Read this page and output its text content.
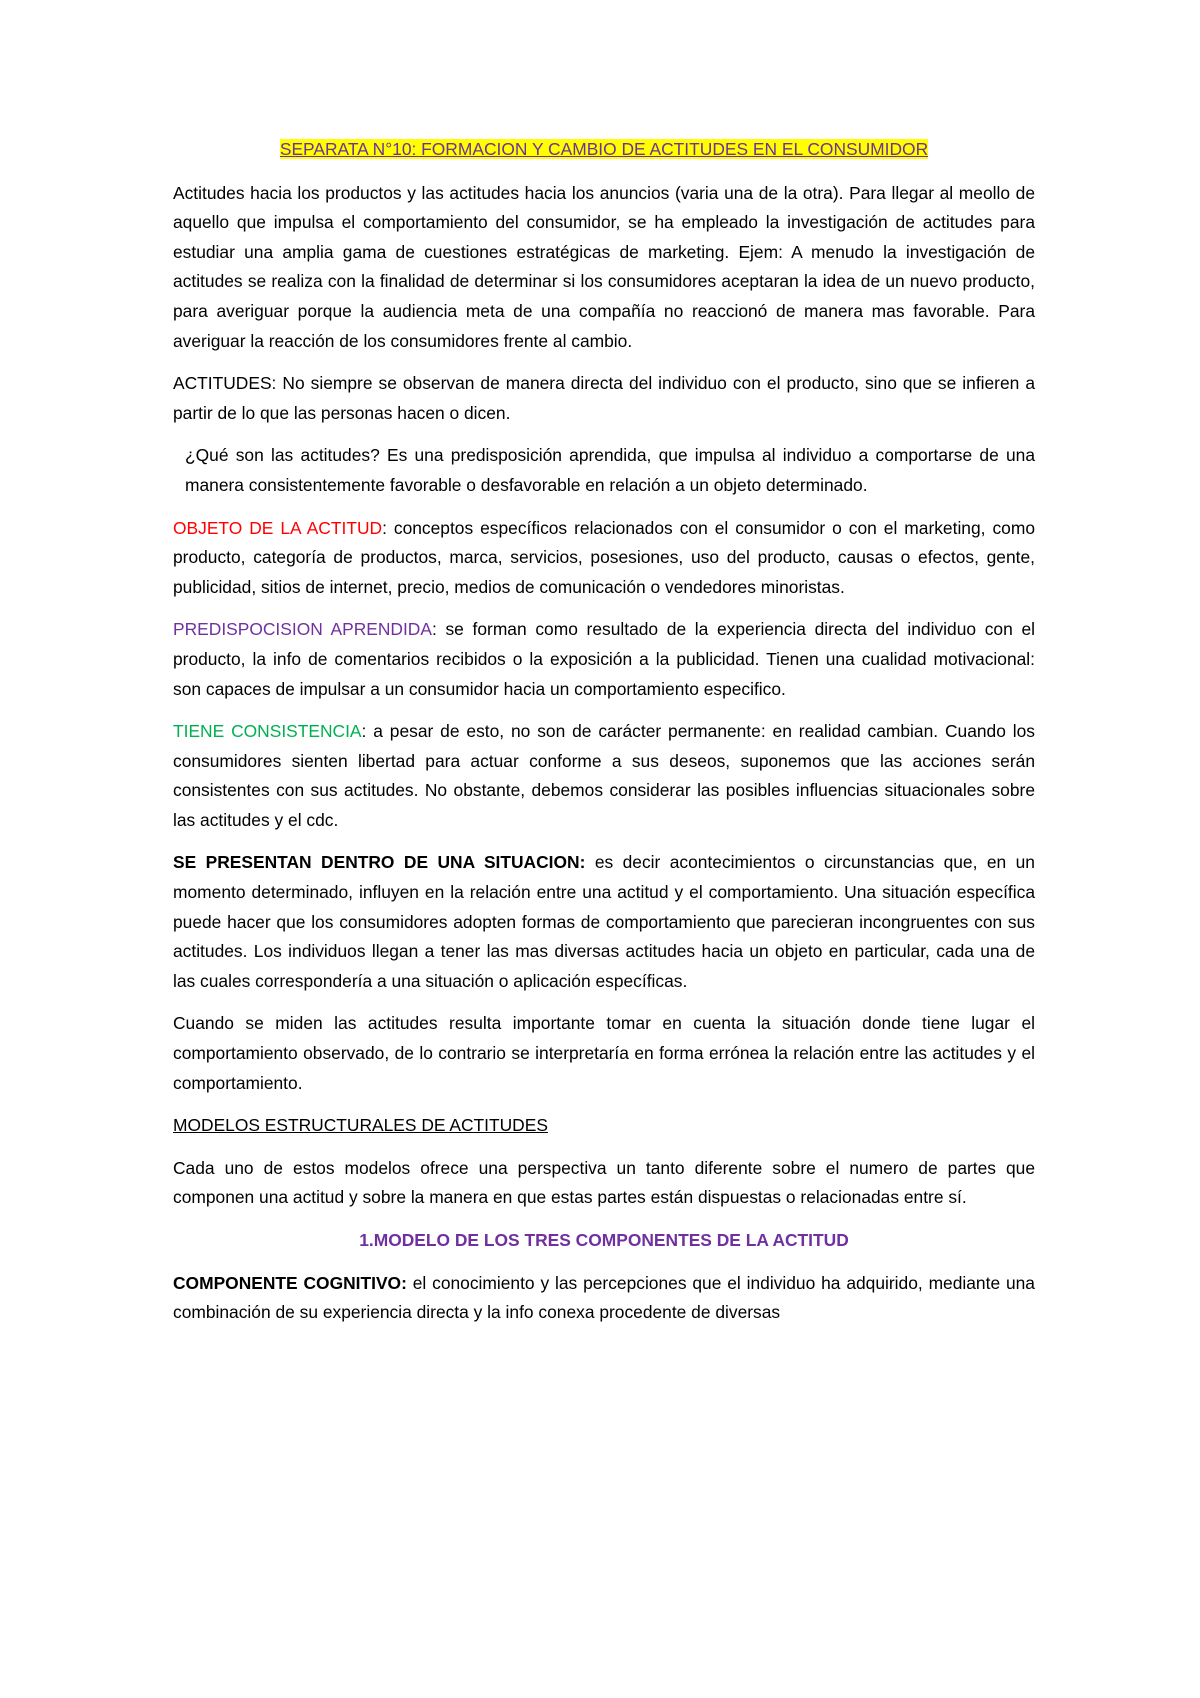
SEPARATA N°10: FORMACION Y CAMBIO DE ACTITUDES EN EL CONSUMIDOR

Actitudes hacia los productos y las actitudes hacia los anuncios (varia una de la otra). Para llegar al meollo de aquello que impulsa el comportamiento del consumidor, se ha empleado la investigación de actitudes para estudiar una amplia gama de cuestiones estratégicas de marketing. Ejem: A menudo la investigación de actitudes se realiza con la finalidad de determinar si los consumidores aceptaran la idea de un nuevo producto, para averiguar porque la audiencia meta de una compañía no reaccionó de manera mas favorable. Para averiguar la reacción de los consumidores frente al cambio.

ACTITUDES: No siempre se observan de manera directa del individuo con el producto, sino que se infieren a partir de lo que las personas hacen o dicen.

¿Qué son las actitudes? Es una predisposición aprendida, que impulsa al individuo a comportarse de una manera consistentemente favorable o desfavorable en relación a un objeto determinado.

OBJETO DE LA ACTITUD: conceptos específicos relacionados con el consumidor o con el marketing, como producto, categoría de productos, marca, servicios, posesiones, uso del producto, causas o efectos, gente, publicidad, sitios de internet, precio, medios de comunicación o vendedores minoristas.

PREDISPOCISION APRENDIDA: se forman como resultado de la experiencia directa del individuo con el producto, la info de comentarios recibidos o la exposición a la publicidad. Tienen una cualidad motivacional: son capaces de impulsar a un consumidor hacia un comportamiento especifico.

TIENE CONSISTENCIA: a pesar de esto, no son de carácter permanente: en realidad cambian. Cuando los consumidores sienten libertad para actuar conforme a sus deseos, suponemos que las acciones serán consistentes con sus actitudes. No obstante, debemos considerar las posibles influencias situacionales sobre las actitudes y el cdc.

SE PRESENTAN DENTRO DE UNA SITUACION: es decir acontecimientos o circunstancias que, en un momento determinado, influyen en la relación entre una actitud y el comportamiento. Una situación específica puede hacer que los consumidores adopten formas de comportamiento que parecieran incongruentes con sus actitudes. Los individuos llegan a tener las mas diversas actitudes hacia un objeto en particular, cada una de las cuales correspondería a una situación o aplicación específicas.

Cuando se miden las actitudes resulta importante tomar en cuenta la situación donde tiene lugar el comportamiento observado, de lo contrario se interpretaría en forma errónea la relación entre las actitudes y el comportamiento.

MODELOS ESTRUCTURALES DE ACTITUDES

Cada uno de estos modelos ofrece una perspectiva un tanto diferente sobre el numero de partes que componen una actitud y sobre la manera en que estas partes están dispuestas o relacionadas entre sí.

1.MODELO DE LOS TRES COMPONENTES DE LA ACTITUD

COMPONENTE COGNITIVO: el conocimiento y las percepciones que el individuo ha adquirido, mediante una combinación de su experiencia directa y la info conexa procedente de diversas
